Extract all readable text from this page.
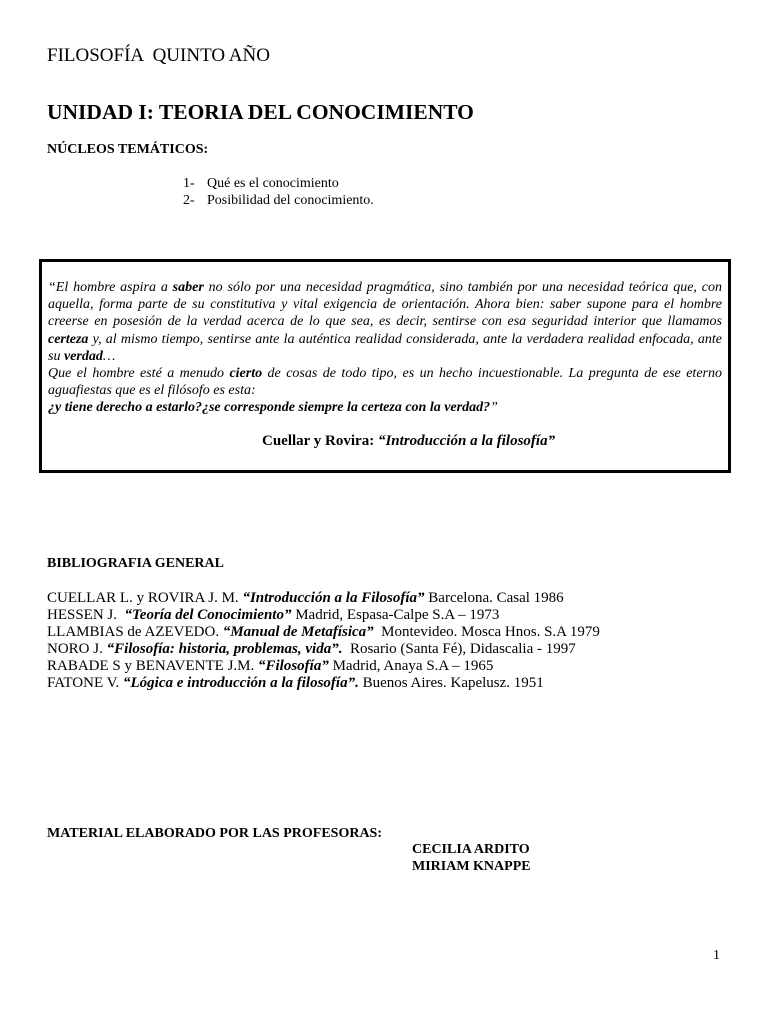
FILOSOFÍA  QUINTO AÑO
UNIDAD I: TEORIA DEL CONOCIMIENTO
NÚCLEOS TEMÁTICOS:
1- Qué es el conocimiento
2- Posibilidad del conocimiento.
“El hombre aspira a saber no sólo por una necesidad pragmática, sino también por una necesidad teórica que, con aquella, forma parte de su constitutiva y vital exigencia de orientación. Ahora bien: saber supone para el hombre creerse en posesión de la verdad acerca de lo que sea, es decir, sentirse con esa seguridad interior que llamamos certeza y, al mismo tiempo, sentirse ante la auténtica realidad considerada, ante la verdadera realidad enfocada, ante su verdad…
Que el hombre esté a menudo cierto de cosas de todo tipo, es un hecho incuestionable. La pregunta de ese eterno aguafiestas que es el filósofo es esta:
¿y tiene derecho a estarlo?¿se corresponde siempre la certeza con la verdad?”
Cuellar y Rovira: “Introducción a la filosofía”
BIBLIOGRAFIA GENERAL
CUELLAR L. y ROVIRA J. M. “Introducción a la Filosofía” Barcelona. Casal 1986
HESSEN J.  “Teoría del Conocimiento” Madrid, Espasa-Calpe S.A – 1973
LLAMBIAS de AZEVEDO. “Manual de Metafísica”  Montevideo. Mosca Hnos. S.A 1979
NORO J. “Filosofía: historia, problemas, vida”.  Rosario (Santa Fé), Didascalia - 1997
RABADE S y BENAVENTE J.M. “Filosofía” Madrid, Anaya S.A – 1965
FATONE V. “Lógica e introducción a la filosofía”. Buenos Aires. Kapelusz. 1951
MATERIAL ELABORADO POR LAS PROFESORAS:
CECILIA ARDITO
MIRIAM KNAPPE
1
